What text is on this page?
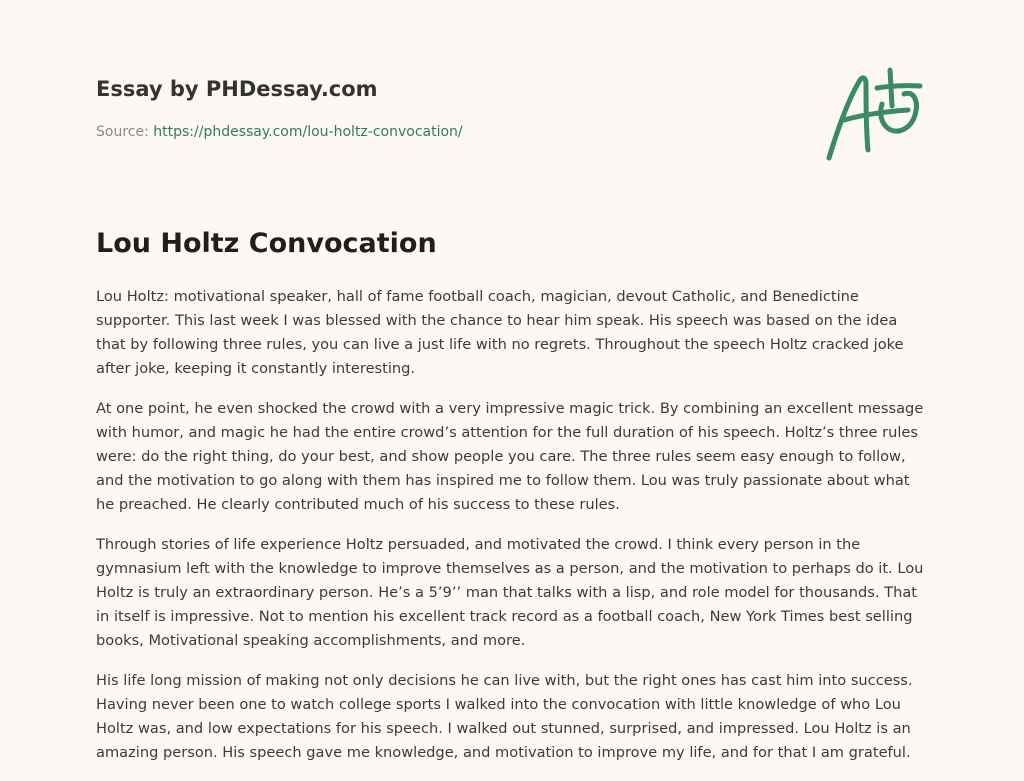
Essay by PHDessay.com
Source: https://phdessay.com/lou-holtz-convocation/
Lou Holtz Convocation

Lou Holtz: motivational speaker, hall of fame football coach, magician, devout Catholic, and Benedictine supporter. This last week I was blessed with the chance to hear him speak. His speech was based on the idea that by following three rules, you can live a just life with no regrets. Throughout the speech Holtz cracked joke after joke, keeping it constantly interesting.

At one point, he even shocked the crowd with a very impressive magic trick. By combining an excellent message with humor, and magic he had the entire crowd’s attention for the full duration of his speech. Holtz’s three rules were: do the right thing, do your best, and show people you care. The three rules seem easy enough to follow, and the motivation to go along with them has inspired me to follow them. Lou was truly passionate about what he preached. He clearly contributed much of his success to these rules.

Through stories of life experience Holtz persuaded, and motivated the crowd. I think every person in the gymnasium left with the knowledge to improve themselves as a person, and the motivation to perhaps do it. Lou Holtz is truly an extraordinary person. He’s a 5’9’’ man that talks with a lisp, and role model for thousands. That in itself is impressive. Not to mention his excellent track record as a football coach, New York Times best selling books, Motivational speaking accomplishments, and more.

His life long mission of making not only decisions he can live with, but the right ones has cast him into success. Having never been one to watch college sports I walked into the convocation with little knowledge of who Lou Holtz was, and low expectations for his speech. I walked out stunned, surprised, and impressed. Lou Holtz is an amazing person. His speech gave me knowledge, and motivation to improve my life, and for that I am grateful.
